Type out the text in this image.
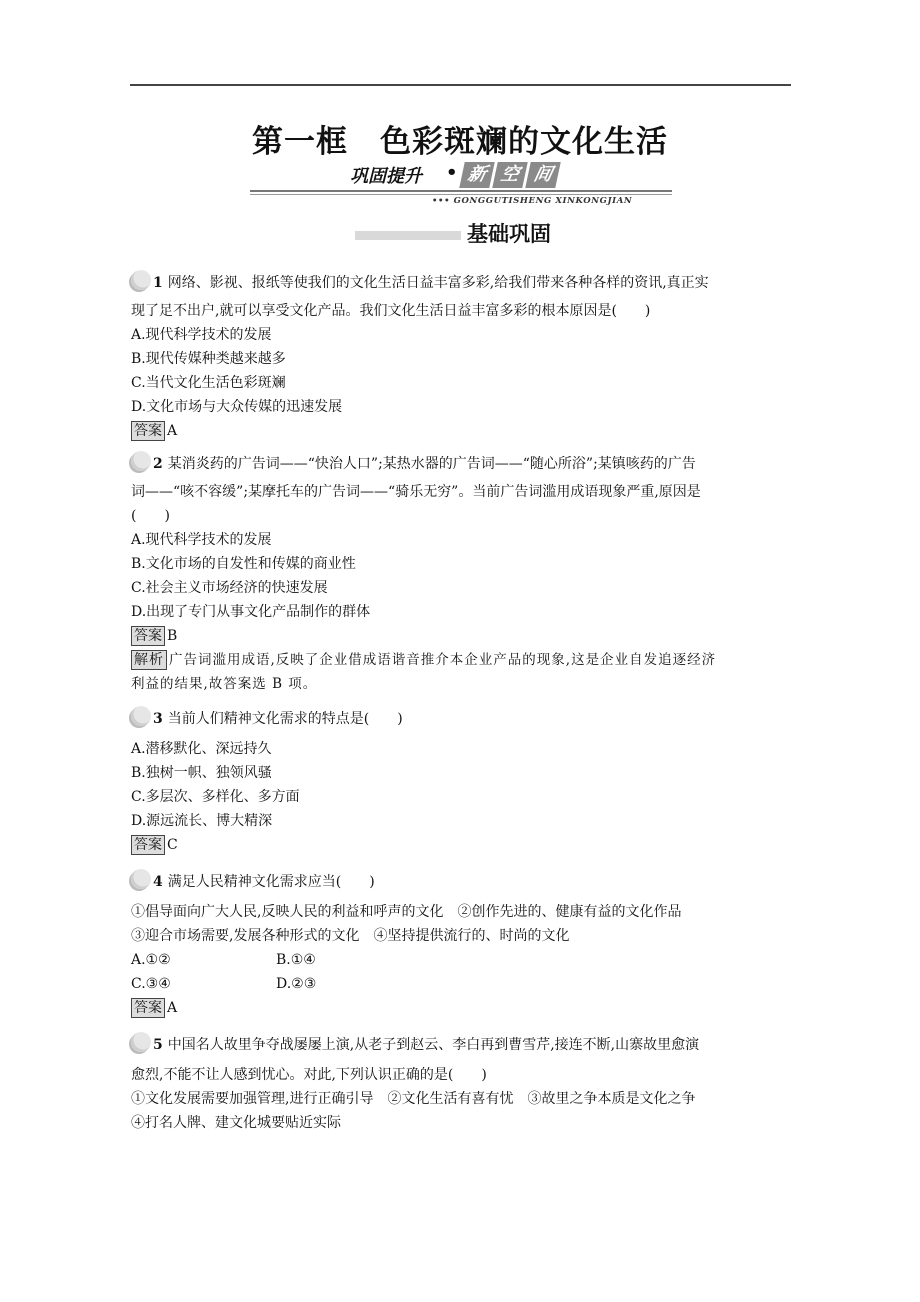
第一框　色彩斑斓的文化生活
巩固提升 • 新 空 间
••• GONGGUTISHENG XINKONGJIAN
基础巩固
1 网络、影视、报纸等使我们的文化生活日益丰富多彩,给我们带来各种各样的资讯,真正实
现了足不出户,就可以享受文化产品。我们文化生活日益丰富多彩的根本原因是(　　)
A.现代科学技术的发展
B.现代传媒种类越来越多
C.当代文化生活色彩斑斓
D.文化市场与大众传媒的迅速发展
答案 A
2 某消炎药的广告词——“快治人口”;某热水器的广告词——“随心所浴”;某镇咳药的广告
词——“咳不容缓”;某摩托车的广告词——“骑乐无穷”。当前广告词滥用成语现象严重,原因是
(　　)
A.现代科学技术的发展
B.文化市场的自发性和传媒的商业性
C.社会主义市场经济的快速发展
D.出现了专门从事文化产品制作的群体
答案 B
解析 广告词滥用成语,反映了企业借成语谐音推介本企业产品的现象,这是企业自发追逐经济
利益的结果,故答案选 B 项。
3 当前人们精神文化需求的特点是(　　)
A.潜移默化、深远持久
B.独树一帜、独领风骚
C.多层次、多样化、多方面
D.源远流长、博大精深
答案 C
4 满足人民精神文化需求应当(　　)
①倡导面向广大人民,反映人民的利益和呼声的文化　②创作先进的、健康有益的文化作品
③迎合市场需要,发展各种形式的文化　④坚持提供流行的、时尚的文化
A.①②	B.①④
C.③④	D.②③
答案 A
5 中国名人故里争夺战屡屡上演,从老子到赵云、李白再到曹雪芹,接连不断,山寨故里愈演
愈烈,不能不让人感到忧心。对此,下列认识正确的是(　　)
①文化发展需要加强管理,进行正确引导　②文化生活有喜有忧　③故里之争本质是文化之争
④打名人牌、建文化城要贴近实际
